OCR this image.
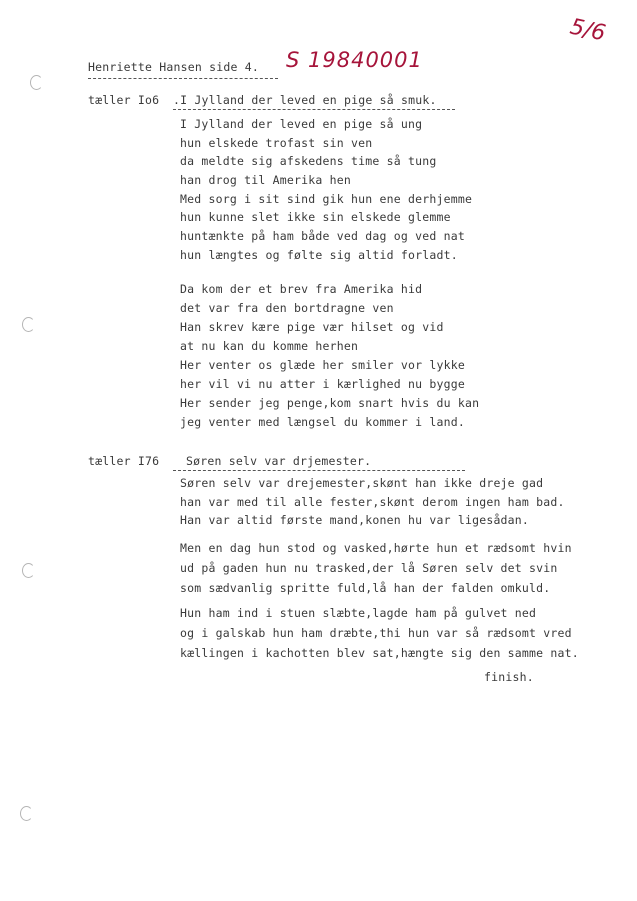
5/6
Henriette Hansen side 4. S 19840001
tæller Io6 .I Jylland der leved en pige så smuk.
I Jylland der leved en pige så ung
hun elskede trofast sin ven
da meldte sig afskedens time så tung
han drog til Amerika hen
Med sorg i sit sind gik hun ene derhjemme
hun kunne slet ikke sin elskede glemme
huntænkte på ham både ved dag og ved nat
hun længtes og følte sig altid forladt.
Da kom der et brev fra Amerika hid
det var fra den bortdragne ven
Han skrev kære pige vær hilset og vid
at nu kan du komme herhen
Her venter os glæde her smiler vor lykke
her vil vi nu atter i kærlighed nu bygge
Her sender jeg penge,kom snart hvis du kan
jeg venter med længsel du kommer i land.
tæller I76 Søren selv var drjemester.
Søren selv var drejemester,skønt han ikke dreje gad
han var med til alle fester,skønt derom ingen ham bad.
Han var altid første mand,konen hu var ligesådan.
Men en dag hun stod og vasked,hørte hun et rædsomt hvin
ud på gaden hun nu trasked,der lå Søren selv det svin
som sædvanlig spritte fuld,lå han der falden omkuld.
Hun ham ind i stuen slæbte,lagde ham på gulvet ned
og i galskab hun ham dræbte,thi hun var så rædsomt vred
kællingen i kachotten blev sat,hængte sig den samme nat.
finish.
